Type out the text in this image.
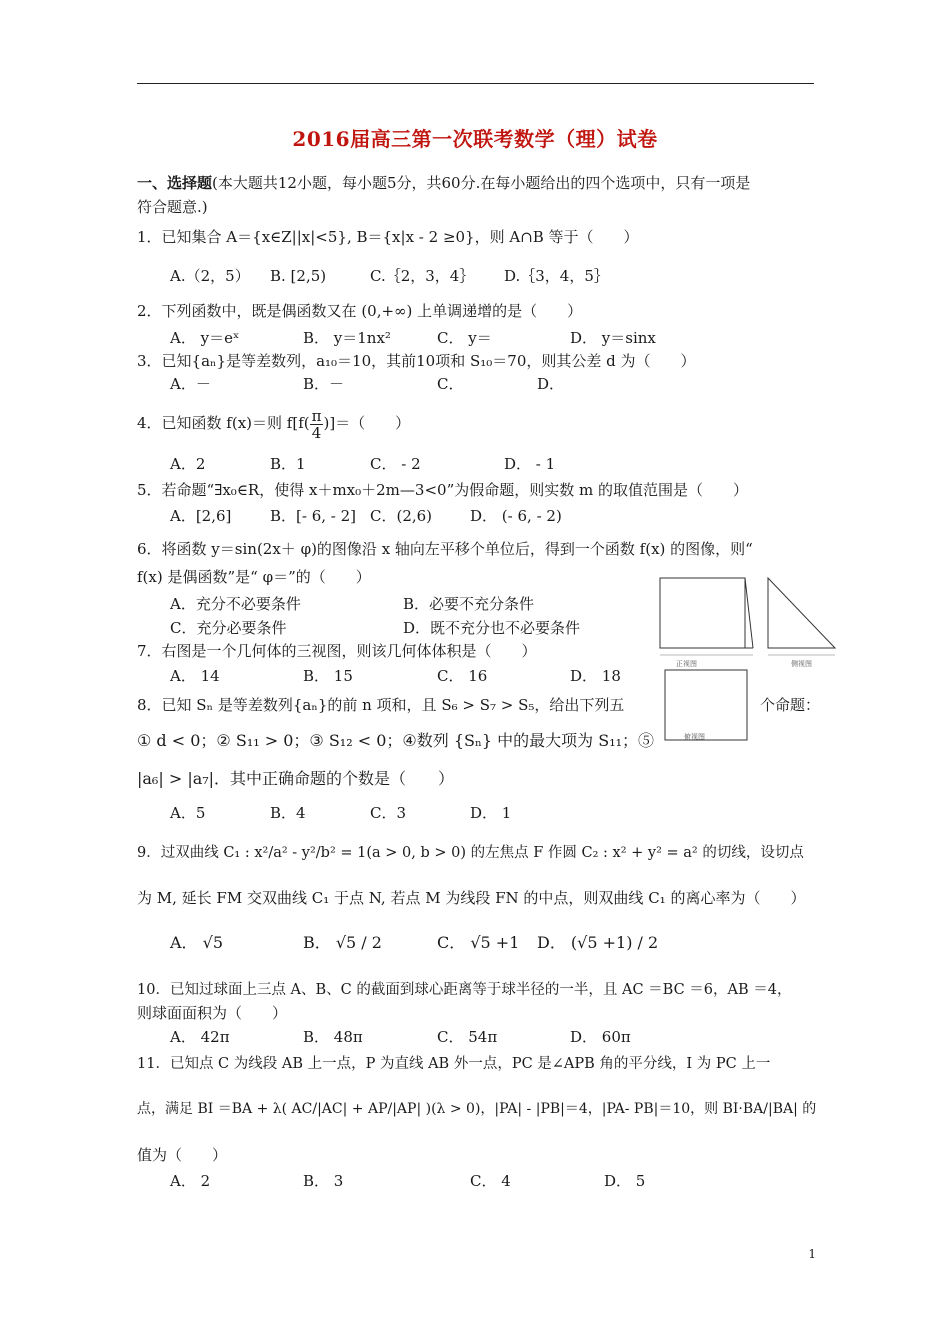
2016届高三第一次联考数学（理）试卷
一、选择题(本大题共12小题，每小题5分，共60分.在每小题给出的四个选项中，只有一项是
符合题意.)
1．已知集合 A＝{x∈Z||x|<5}, B＝{x|x - 2 ≥0}，则 A∩B 等于（　　）
A.（2，5） B. [2,5)	C.｛2，3，4｝ D.｛3，4，5｝
2．下列函数中，既是偶函数又在 (0,+∞) 上单调递增的是（　　）
A． y＝eˣ	B． y＝1nx²	C． y＝	D． y＝sinx
3．已知{aₙ}是等差数列，a₁₀＝10，其前10项和 S₁₀＝70，则其公差 d 为（　　）
A．－	B．－	C．	D．
4．已知函数 f(x)＝则 $f[f( \frac{\pi}{4}$ )]＝（　　）
A．2	B．1	C． - 2	D． - 1
5．若命题“∃x₀∈R，使得 x＋mx₀＋2m—3<0”为假命题，则实数 m 的取值范围是（　　）
A．[2,6]	B．[- 6, - 2] C．(2,6)	D． (- 6, - 2)
6．将函数 y＝sin(2x＋ φ)的图像沿 x 轴向左平移个单位后，得到一个函数 f(x) 的图像，则“
f(x) 是偶函数”是“ φ＝”的（　　）
A．充分不必要条件	B．必要不充分条件
C．充分必要条件	D．既不充分也不必要条件
正视图	侧视图
俯视图
7．右图是一个几何体的三视图，则该几何体体积是（　　）
A． 14	B． 15	C． 16	D． 18
8．已知 Sₙ 是等差数列{aₙ}的前 n 项和，且 S₆ > S₇ > S₅，给出下列五	个命题：
① d < 0；② S₁₁ > 0；③ S₁₂ < 0；④数列 {Sₙ} 中的最大项为 S₁₁；⑤
|a₆| > |a₇|．其中正确命题的个数是（　　）
A．5	B．4	C．3	D． 1
9．过双曲线 C₁ : x²/a² - y²/b² = 1(a > 0, b > 0) 的左焦点 F 作圆 C₂ : x² + y² = a² 的切线，设切点
为 M, 延长 FM 交双曲线 C₁ 于点 N, 若点 M 为线段 FN 的中点，则双曲线 C₁ 的离心率为（　　）
A． √5	B． √5 / 2	C． √5 +1 D． (√5 +1) / 2
10．已知过球面上三点 A、B、C 的截面到球心距离等于球半径的一半，且 AC ＝BC ＝6，AB ＝4，
则球面面积为（　　）
A． 42π	B． 48π	C． 54π	D． 60π
11．已知点 C 为线段 AB 上一点，P 为直线 AB 外一点，PC 是∠APB 角的平分线，I 为 PC 上一
点，满足 BI ＝BA + λ( AC/|AC| + AP/|AP| )(λ > 0)，|PA| - |PB|＝4，|PA- PB|＝10，则 BI·BA/|BA| 的
值为（　　）
A． 2	B． 3	C． 4	D． 5
1
